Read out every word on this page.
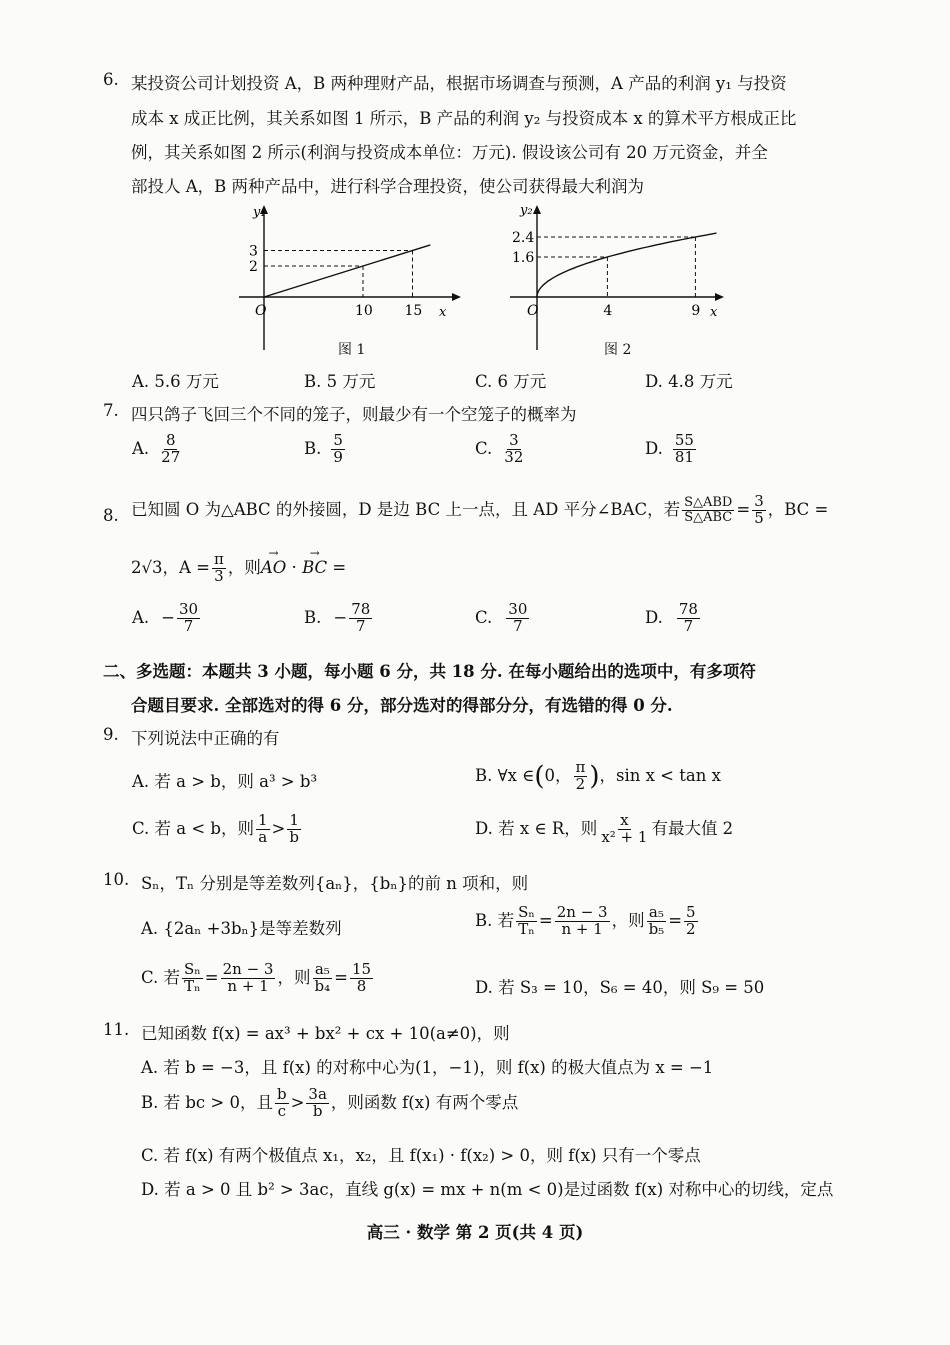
6. 某投资公司计划投资 A，B 两种理财产品，根据市场调查与预测，A 产品的利润 y₁ 与投资
成本 x 成正比例，其关系如图 1 所示，B 产品的利润 y₂ 与投资成本 x 的算术平方根成正比
例，其关系如图 2 所示(利润与投资成本单位：万元). 假设该公司有 20 万元资金，并全
部投人 A，B 两种产品中，进行科学合理投资，使公司获得最大利润为
y₁
x
O
3
2
10 15
图 1
y₂
x
O
2.4
1.6
4	9
图 2
A. 5.6 万元	B. 5 万元	C. 6 万元	D. 4.8 万元
7. 四只鸽子飞回三个不同的笼子，则最少有一个空笼子的概率为
A. $\frac{8}{27}$	B. $\frac{5}{9}$	C. $\frac{3}{32}$	D. $\frac{55}{81}$
8. 已知圆 O 为△ABC 的外接圆，D 是边 BC 上一点，且 AD 平分∠BAC，若 S△ABD
S△ABC = $\frac{3}{5}$ ，BC =
2√3，$A = \frac{\pi}{3}$ ，则→ AO · → BC =
A. − $\frac{30}{7}$	B. − $\frac{78}{7}$	C. $\frac{30}{7}$	D. $\frac{78}{7}$
二、多选题：本题共 3 小题，每小题 6 分，共 18 分. 在每小题给出的选项中，有多项符
合题目要求. 全部选对的得 6 分，部分选对的得部分分，有选错的得 0 分.
9. 下列说法中正确的有
A. 若 a > b，则 a³ > b³	B. ∀x ∈(0， $\frac{\pi}{2}$ )，sin x < tan x
C. 若 a < b，则 $\frac{1}{a} > \frac{1}{b}$	D. 若 x ∈ R，则 $\frac{x}{\text{x² + 1}}$ 有最大值 2
10. Sₙ，Tₙ 分别是等差数列{aₙ}，{bₙ}的前 n 项和，则
A. {2aₙ +3bₙ}是等差数列	B. 若 $\frac{\text{Sₙ}}{\text{Tₙ}} = \frac{2n - 3}{n + 1}$ ，则 $\frac{\text{a₅}}{\text{b₅}} = \frac{5}{2}$
C. 若 $\frac{\text{Sₙ}}{\text{Tₙ}} = \frac{2n - 3}{n + 1}$ ，则 $\frac{\text{a₅}}{\text{b₄}} = \frac{15}{8}$	D. 若 S₃ = 10，S₆ = 40，则 S₉ = 50
11. 已知函数 f(x) = ax³ + bx² + cx + 10(a≠0)，则
A. 若 b = −3，且 f(x) 的对称中心为(1，−1)，则 f(x) 的极大值点为 x = −1
B. 若 bc > 0，且 $\frac{b}{c} > \frac{3a}{b}$ ，则函数 f(x) 有两个零点
C. 若 f(x) 有两个极值点 x₁，x₂，且 f(x₁) · f(x₂) > 0，则 f(x) 只有一个零点
D. 若 a > 0 且 b² > 3ac，直线 g(x) = mx + n(m < 0)是过函数 f(x) 对称中心的切线，定点
高三 · 数学 第 2 页(共 4 页)
